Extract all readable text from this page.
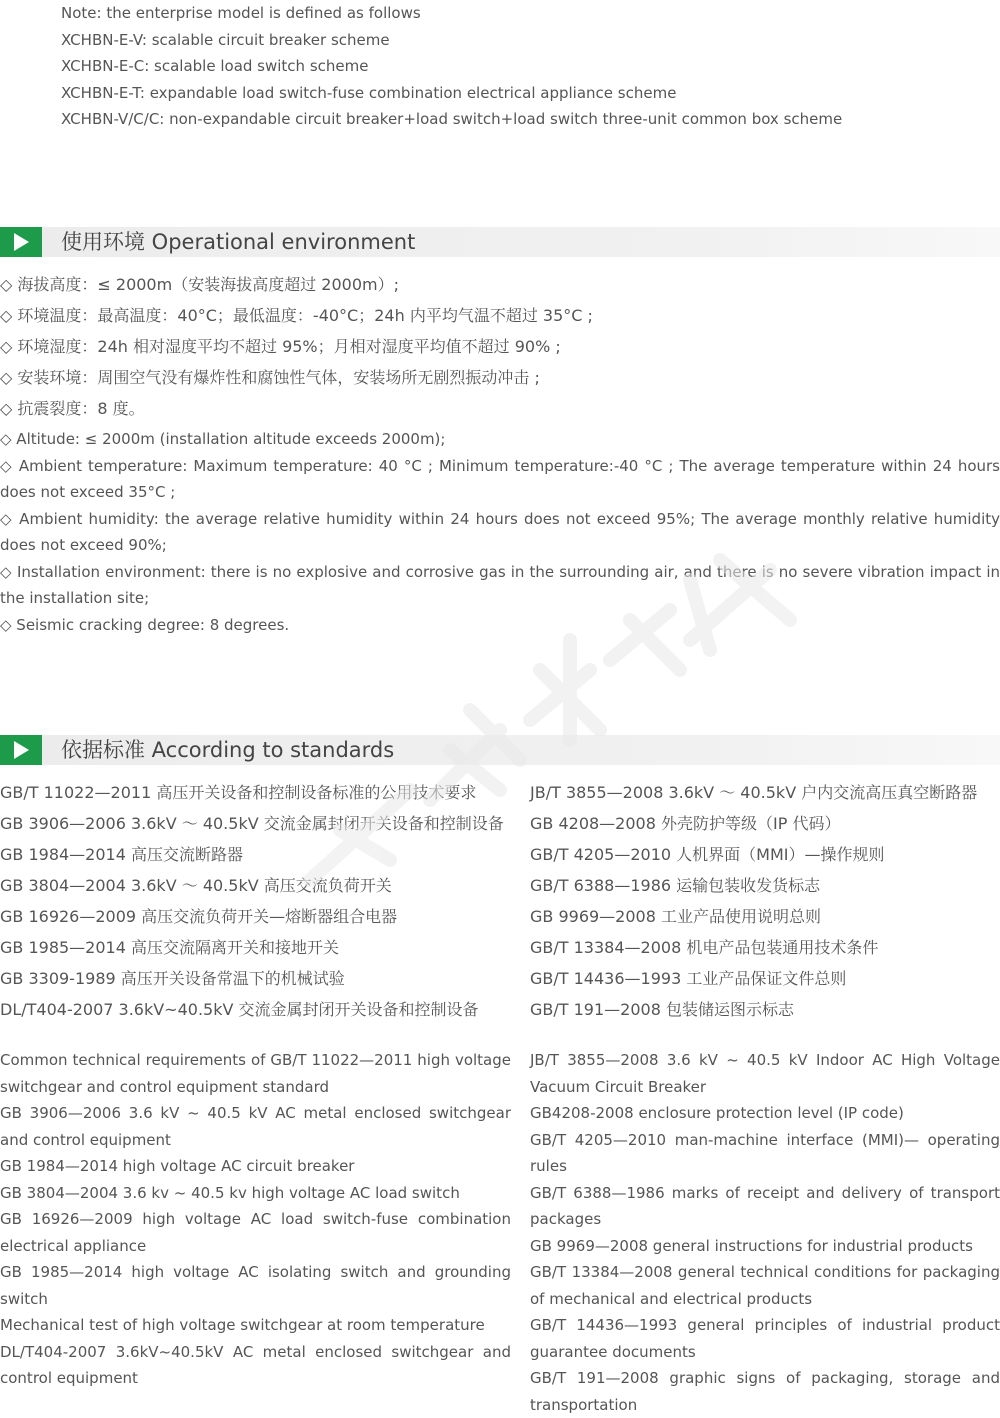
Note: the enterprise model is defined as follows
XCHBN-E-V: scalable circuit breaker scheme
XCHBN-E-C: scalable load switch scheme
XCHBN-E-T: expandable load switch-fuse combination electrical appliance scheme
XCHBN-V/C/C: non-expandable circuit breaker+load switch+load switch three-unit common box scheme
使用环境 Operational environment
◇ 海拔高度：≤ 2000m（安装海拔高度超过 2000m）;
◇ 环境温度：最高温度：40°C；最低温度：-40°C；24h 内平均气温不超过 35°C ;
◇ 环境湿度：24h 相对湿度平均不超过 95%；月相对湿度平均值不超过 90% ;
◇ 安装环境：周围空气没有爆炸性和腐蚀性气体，安装场所无剧烈振动冲击 ;
◇ 抗震裂度：8 度。
◇ Altitude: ≤ 2000m (installation altitude exceeds 2000m);
◇ Ambient temperature: Maximum temperature: 40 °C ; Minimum temperature:-40 °C ; The average temperature within 24 hours does not exceed 35°C ;
◇ Ambient humidity: the average relative humidity within 24 hours does not exceed 95%; The average monthly relative humidity does not exceed 90%;
◇ Installation environment: there is no explosive and corrosive gas in the surrounding air, and there is no severe vibration impact in the installation site;
◇ Seismic cracking degree: 8 degrees.
依据标准 According to standards
GB/T 11022—2011 高压开关设备和控制设备标准的公用技术要求
GB 3906—2006 3.6kV ～ 40.5kV 交流金属封闭开关设备和控制设备
GB 1984—2014 高压交流断路器
GB 3804—2004 3.6kV ～ 40.5kV 高压交流负荷开关
GB 16926—2009 高压交流负荷开关—熔断器组合电器
GB 1985—2014 高压交流隔离开关和接地开关
GB 3309-1989 高压开关设备常温下的机械试验
DL/T404-2007 3.6kV~40.5kV 交流金属封闭开关设备和控制设备
JB/T 3855—2008 3.6kV ～ 40.5kV 户内交流高压真空断路器
GB 4208—2008 外壳防护等级（IP 代码）
GB/T 4205—2010 人机界面（MMI）—操作规则
GB/T 6388—1986 运输包装收发货标志
GB 9969—2008 工业产品使用说明总则
GB/T 13384—2008 机电产品包装通用技术条件
GB/T 14436—1993 工业产品保证文件总则
GB/T 191—2008 包装储运图示标志
Common technical requirements of GB/T 11022—2011 high voltage switchgear and control equipment standard
GB 3906—2006 3.6 kV ~ 40.5 kV AC metal enclosed switchgear and control equipment
GB 1984—2014 high voltage AC circuit breaker
GB 3804—2004 3.6 kv ~ 40.5 kv high voltage AC load switch
GB 16926—2009 high voltage AC load switch-fuse combination electrical appliance
GB 1985—2014 high voltage AC isolating switch and grounding switch
Mechanical test of high voltage switchgear at room temperature
DL/T404-2007 3.6kV~40.5kV AC metal enclosed switchgear and control equipment
JB/T 3855—2008 3.6 kV ~ 40.5 kV Indoor AC High Voltage Vacuum Circuit Breaker
GB4208-2008 enclosure protection level (IP code)
GB/T 4205—2010 man-machine interface (MMI)— operating rules
GB/T 6388—1986 marks of receipt and delivery of transport packages
GB 9969—2008 general instructions for industrial products
GB/T 13384—2008 general technical conditions for packaging of mechanical and electrical products
GB/T 14436—1993 general principles of industrial product guarantee documents
GB/T 191—2008 graphic signs of packaging, storage and transportation
